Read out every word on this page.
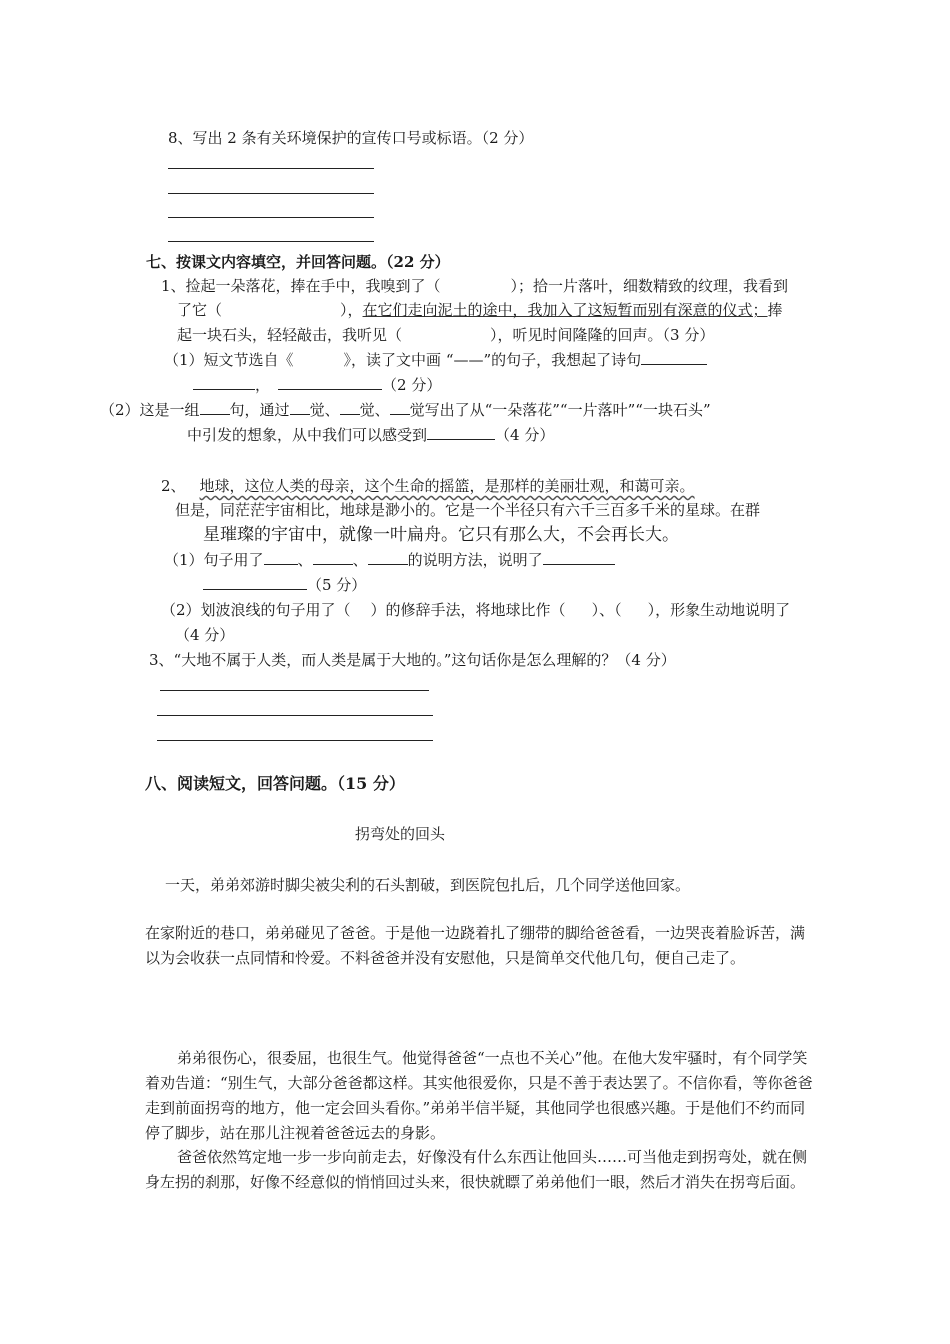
8、写出 2 条有关环境保护的宣传口号或标语。（2 分）
七、按课文内容填空，并回答问题。（22 分）
1、捡起一朵落花，捧在手中，我嗅到了（	）；拾一片落叶，细数精致的纹理，我看到
了它（	），在它们走向泥土的途中，我加入了这短暂而别有深意的仪式；捧
起一块石头，轻轻敲击，我听见（	），听见时间隆隆的回声。（3 分）
（1）短文节选自《	》，读了文中画 “——”的句子，我想起了诗句
，	（2 分）
（2）这是一组 句，通过 觉、 觉、 觉写出了从“一朵落花”“一片落叶”“一块石头”
中引发的想象，从中我们可以感受到	（4 分）
2、 地球，这位人类的母亲，这个生命的摇篮，是那样的美丽壮观，和蔼可亲。
但是，同茫茫宇宙相比，地球是渺小的。它是一个半径只有六千三百多千米的星球。在群
星璀璨的宇宙中，就像一叶扁舟。它只有那么大，不会再长大。
（1）句子用了 、	、	的说明方法，说明了
（5 分）
（2）划波浪线的句子用了（ ）的修辞手法，将地球比作（ ）、（ ），形象生动地说明了
（4 分）
3、“大地不属于人类，而人类是属于大地的。”这句话你是怎么理解的？（4 分）
八、阅读短文，回答问题。（15 分）
拐弯处的回头
一天，弟弟郊游时脚尖被尖利的石头割破，到医院包扎后，几个同学送他回家。
在家附近的巷口，弟弟碰见了爸爸。于是他一边跷着扎了绷带的脚给爸爸看，一边哭丧着脸诉苦，满以为会收获一点同情和怜爱。不料爸爸并没有安慰他，只是简单交代他几句，便自己走了。
弟弟很伤心，很委屈，也很生气。他觉得爸爸“一点也不关心”他。在他大发牢骚时，有个同学笑着劝告道：“别生气，大部分爸爸都这样。其实他很爱你，只是不善于表达罢了。不信你看，等你爸爸走到前面拐弯的地方，他一定会回头看你。”弟弟半信半疑，其他同学也很感兴趣。于是他们不约而同停了脚步，站在那儿注视着爸爸远去的身影。
爸爸依然笃定地一步一步向前走去，好像没有什么东西让他回头……可当他走到拐弯处，就在侧身左拐的刹那，好像不经意似的悄悄回过头来，很快就瞟了弟弟他们一眼，然后才消失在拐弯后面。
